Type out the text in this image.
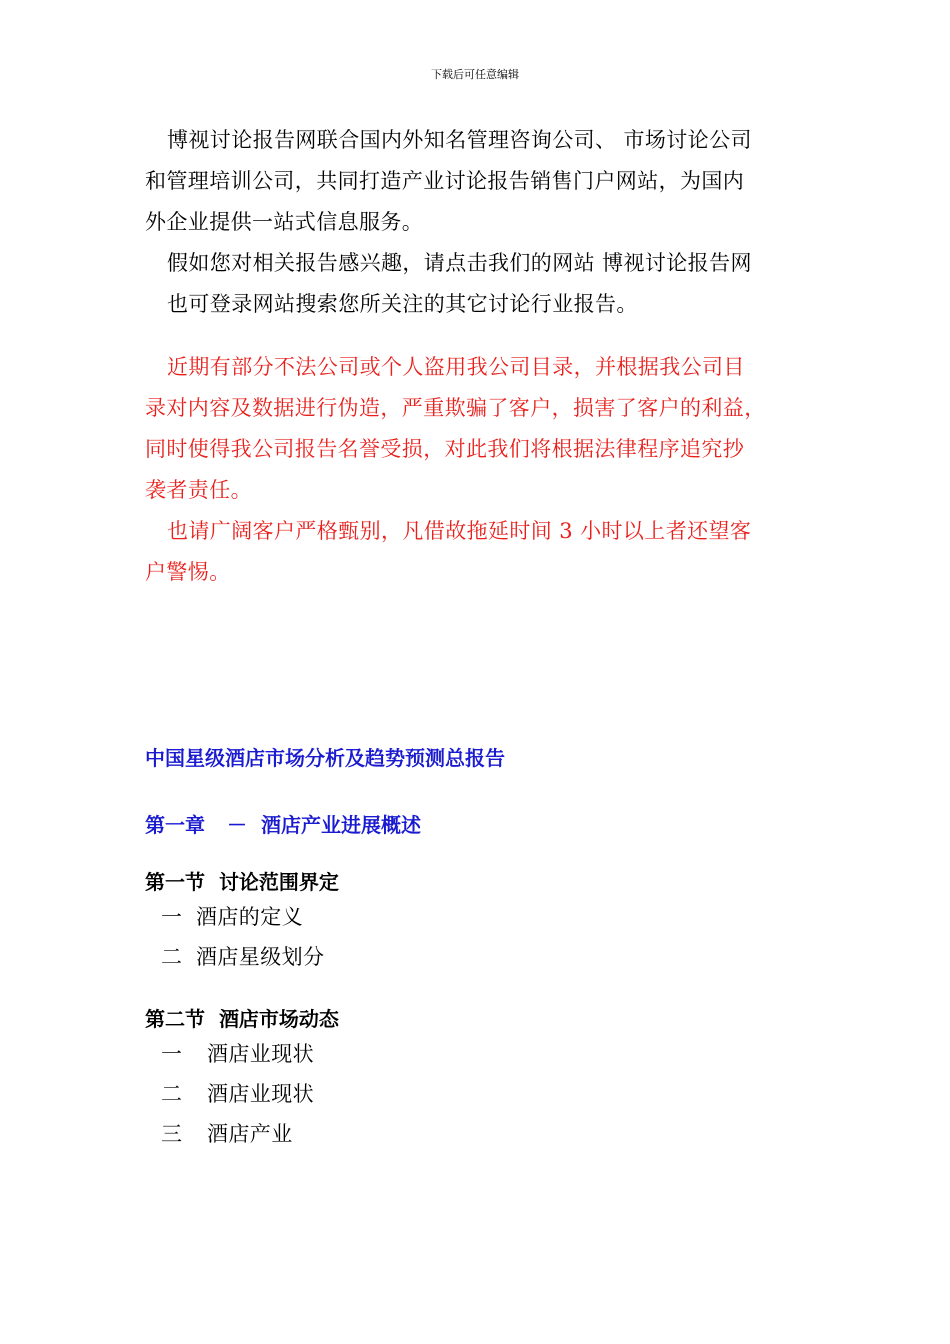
下载后可任意编辑

博视讨论报告网联合国内外知名管理咨询公司、 市场讨论公司

和管理培训公司，共同打造产业讨论报告销售门户网站，为国内

外企业提供一站式信息服务。

假如您对相关报告感兴趣，请点击我们的网站 博视讨论报告网

也可登录网站搜索您所关注的其它讨论行业报告。

近期有部分不法公司或个人盗用我公司目录，并根据我公司目

录对内容及数据进行伪造，严重欺骗了客户，损害了客户的利益，

同时使得我公司报告名誉受损，对此我们将根据法律程序追究抄

袭者责任。

也请广阔客户严格甄别，凡借故拖延时间 3 小时以上者还望客

户警惕。

中国星级酒店市场分析及趋势预测总报告
第一章 － 酒店产业进展概述
第一节 讨论范围界定

一 酒店的定义

二 酒店星级划分

第二节 酒店市场动态

一 酒店业现状

二 酒店业现状

三 酒店产业
